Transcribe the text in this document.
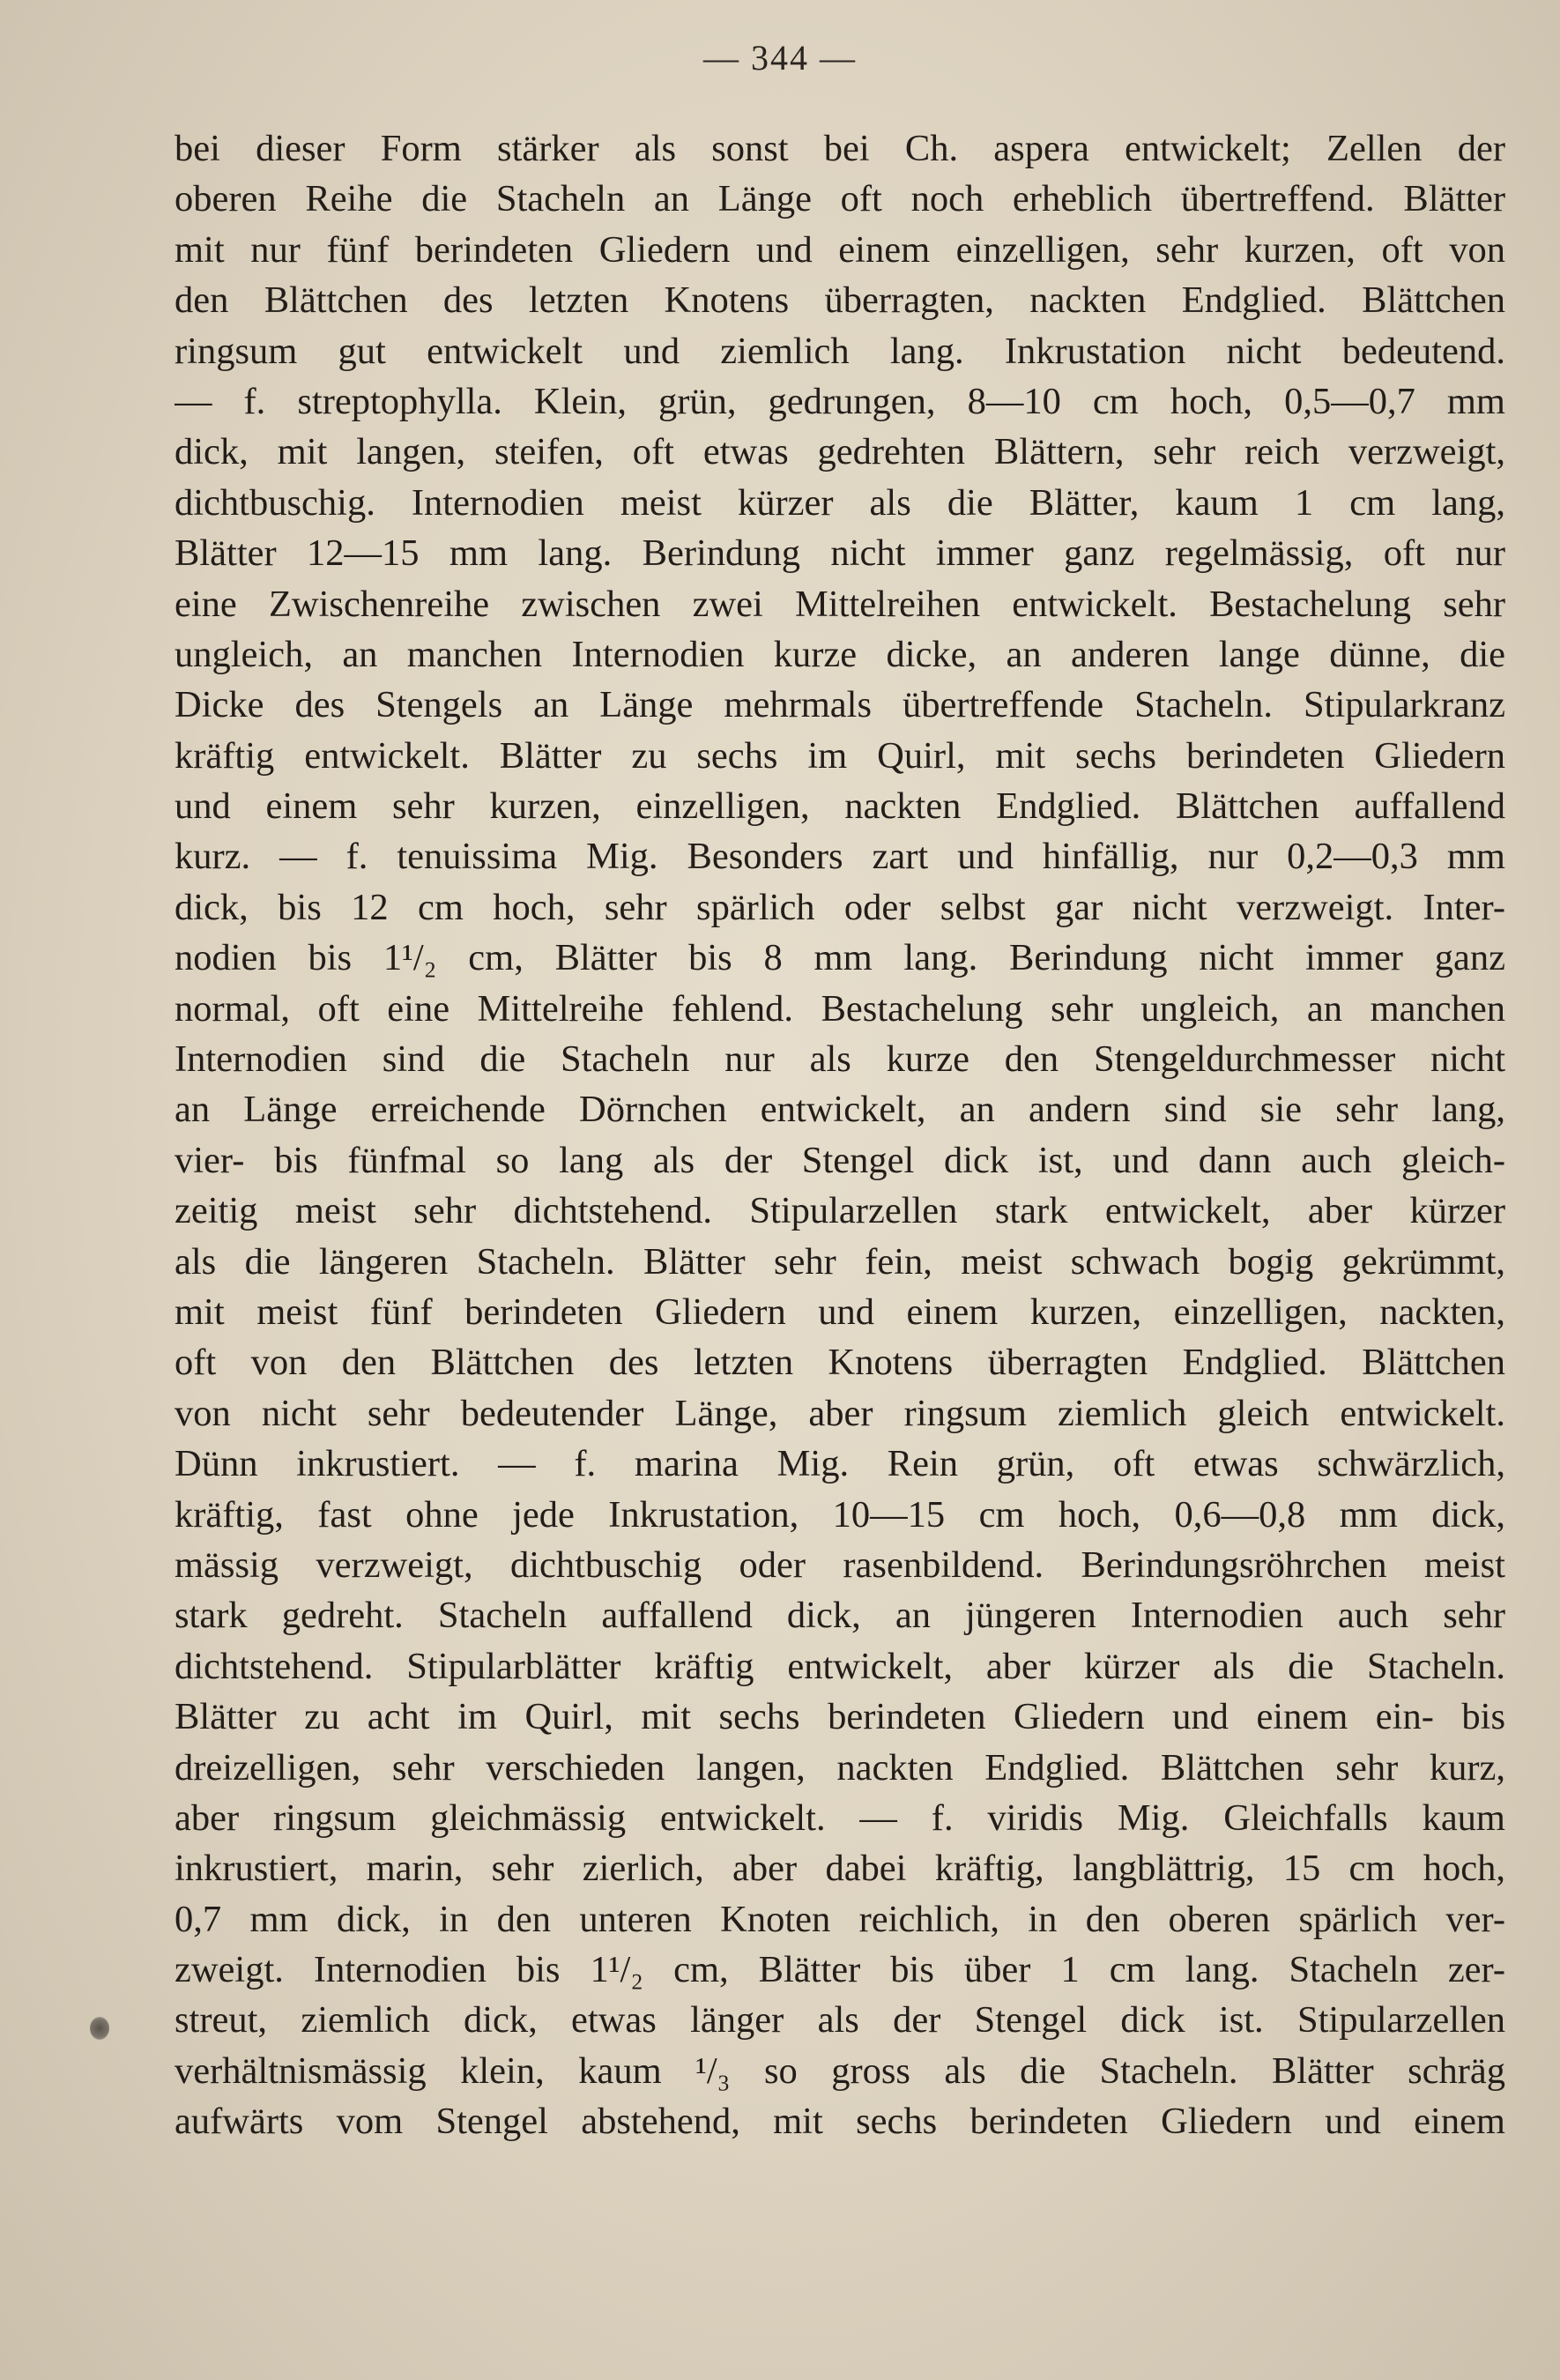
— 344 —
bei dieser Form stärker als sonst bei Ch. aspera entwickelt; Zellen der
oberen Reihe die Stacheln an Länge oft noch erheblich übertreffend. Blätter
mit nur fünf berindeten Gliedern und einem einzelligen, sehr kurzen, oft von
den Blättchen des letzten Knotens überragten, nackten Endglied. Blättchen
ringsum gut entwickelt und ziemlich lang. Inkrustation nicht bedeutend.
— f. streptophylla. Klein, grün, gedrungen, 8—10 cm hoch, 0,5—0,7 mm
dick, mit langen, steifen, oft etwas gedrehten Blättern, sehr reich verzweigt,
dichtbuschig. Internodien meist kürzer als die Blätter, kaum 1 cm lang,
Blätter 12—15 mm lang. Berindung nicht immer ganz regelmässig, oft nur
eine Zwischenreihe zwischen zwei Mittelreihen entwickelt. Bestachelung sehr
ungleich, an manchen Internodien kurze dicke, an anderen lange dünne, die
Dicke des Stengels an Länge mehrmals übertreffende Stacheln. Stipularkranz
kräftig entwickelt. Blätter zu sechs im Quirl, mit sechs berindeten Gliedern
und einem sehr kurzen, einzelligen, nackten Endglied. Blättchen auffallend
kurz. — f. tenuissima Mig. Besonders zart und hinfällig, nur 0,2—0,3 mm
dick, bis 12 cm hoch, sehr spärlich oder selbst gar nicht verzweigt. Inter-
nodien bis 1¹/₂ cm, Blätter bis 8 mm lang. Berindung nicht immer ganz
normal, oft eine Mittelreihe fehlend. Bestachelung sehr ungleich, an manchen
Internodien sind die Stacheln nur als kurze den Stengeldurchmesser nicht
an Länge erreichende Dörnchen entwickelt, an andern sind sie sehr lang,
vier- bis fünfmal so lang als der Stengel dick ist, und dann auch gleich-
zeitig meist sehr dichtstehend. Stipularzellen stark entwickelt, aber kürzer
als die längeren Stacheln. Blätter sehr fein, meist schwach bogig gekrümmt,
mit meist fünf berindeten Gliedern und einem kurzen, einzelligen, nackten,
oft von den Blättchen des letzten Knotens überragten Endglied. Blättchen
von nicht sehr bedeutender Länge, aber ringsum ziemlich gleich entwickelt.
Dünn inkrustiert. — f. marina Mig. Rein grün, oft etwas schwärzlich,
kräftig, fast ohne jede Inkrustation, 10—15 cm hoch, 0,6—0,8 mm dick,
mässig verzweigt, dichtbuschig oder rasenbildend. Berindungsröhrchen meist
stark gedreht. Stacheln auffallend dick, an jüngeren Internodien auch sehr
dichtstehend. Stipularblätter kräftig entwickelt, aber kürzer als die Stacheln.
Blätter zu acht im Quirl, mit sechs berindeten Gliedern und einem ein- bis
dreizelligen, sehr verschieden langen, nackten Endglied. Blättchen sehr kurz,
aber ringsum gleichmässig entwickelt. — f. viridis Mig. Gleichfalls kaum
inkrustiert, marin, sehr zierlich, aber dabei kräftig, langblättrig, 15 cm hoch,
0,7 mm dick, in den unteren Knoten reichlich, in den oberen spärlich ver-
zweigt. Internodien bis 1¹/₂ cm, Blätter bis über 1 cm lang. Stacheln zer-
streut, ziemlich dick, etwas länger als der Stengel dick ist. Stipularzellen
verhältnismässig klein, kaum ¹/₃ so gross als die Stacheln. Blätter schräg
aufwärts vom Stengel abstehend, mit sechs berindeten Gliedern und einem
